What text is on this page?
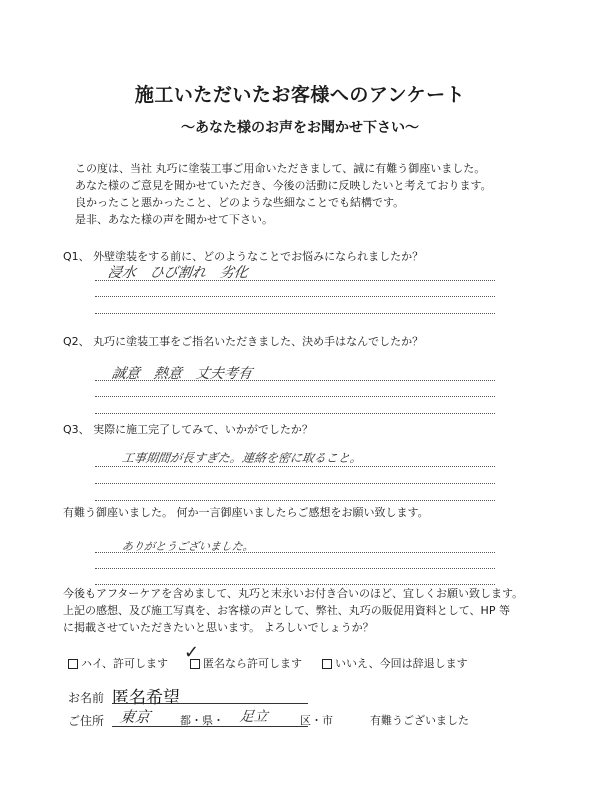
施工いただいたお客様へのアンケート
～あなた様のお声をお聞かせ下さい～
この度は、当社 丸巧に塗装工事ご用命いただきまして、誠に有難う御座いました。
あなた様のご意見を聞かせていただき、今後の活動に反映したいと考えております。
良かったこと悪かったこと、どのような些細なことでも結構です。
是非、あなた様の声を聞かせて下さい。
Q1、 外壁塗装をする前に、どのようなことでお悩みになられましたか？
浸水　ひび割れ　劣化
Q2、 丸巧に塗装工事をご指名いただきました、決め手はなんでしたか？
誠意　熱意　丈夫考有
Q3、 実際に施工完了してみて、いかがでしたか？
工事期間が長すぎた。連絡を密に取ること。
有難う御座いました。 何か一言御座いましたらご感想をお願い致します。
ありがとうございました。
今後もアフターケアを含めまして、丸巧と末永いお付き合いのほど、宜しくお願い致します。
上記の感想、及び施工写真を、お客様の声として、弊社、丸巧の販促用資料として、HP 等
に掲載させていただきたいと思います。 よろしいでしょうか？
ハイ、許可します	匿名なら許可します
✓
いいえ、今回は辞退します
お名前 匿名希望
ご住所 東京	都・県・ 足立	区・市	有難うございました
